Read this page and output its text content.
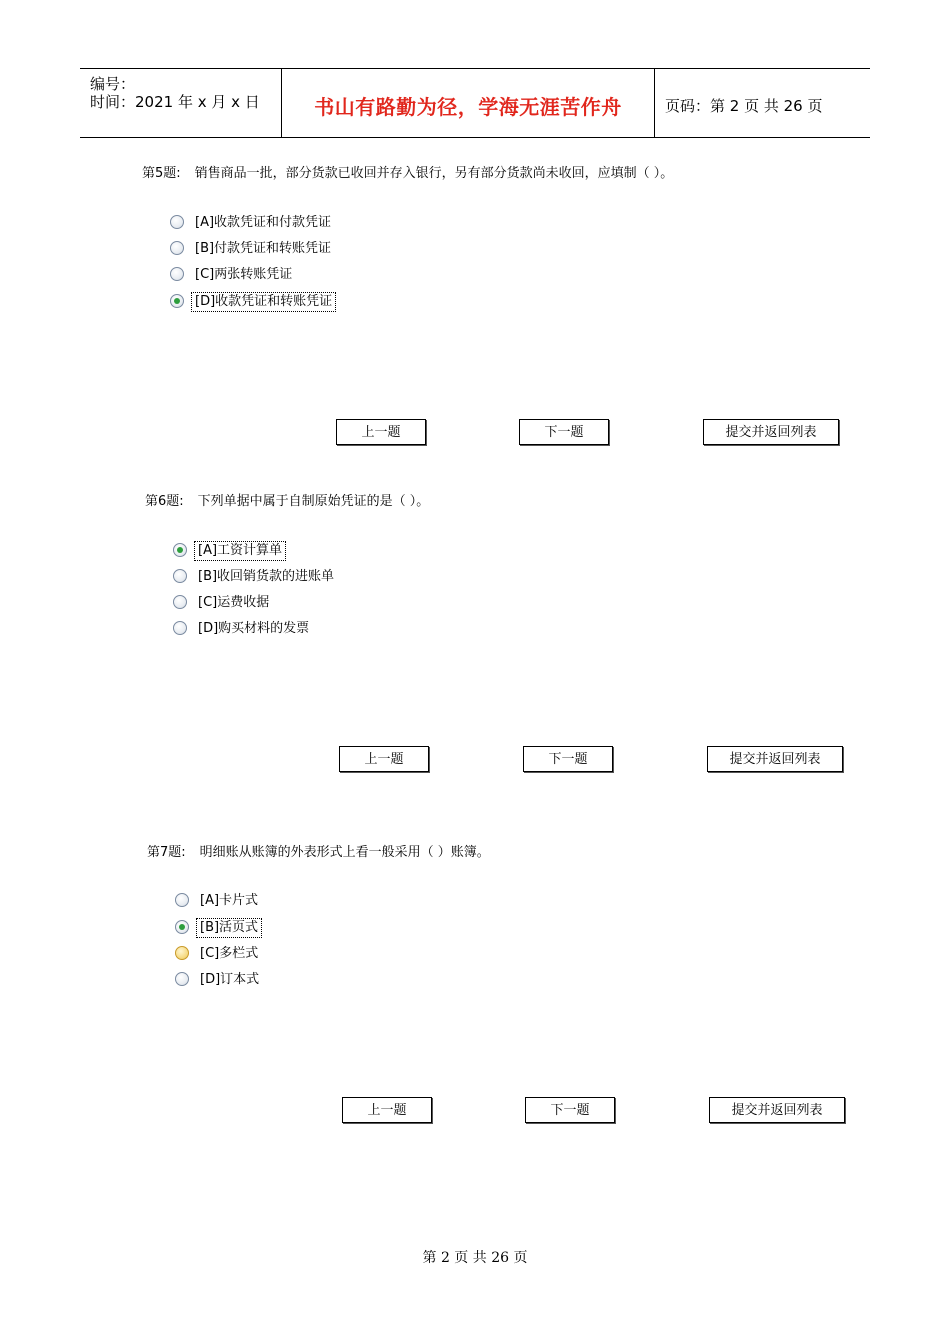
编号：
时间：2021 年 x 月 x 日	书山有路勤为径，学海无涯苦作舟	页码：第 2 页 共 26 页
第5题: 销售商品一批，部分货款已收回并存入银行，另有部分货款尚未收回，应填制（ ）。
[A]收款凭证和付款凭证
[B]付款凭证和转账凭证
[C]两张转账凭证
[D]收款凭证和转账凭证
上一题	下一题	提交并返回列表
第6题: 下列单据中属于自制原始凭证的是（ ）。
[A]工资计算单
[B]收回销货款的进账单
[C]运费收据
[D]购买材料的发票
上一题	下一题	提交并返回列表
第7题: 明细账从账簿的外表形式上看一般采用（ ）账簿。
[A]卡片式
[B]活页式
[C]多栏式
[D]订本式
上一题	下一题	提交并返回列表
第 2 页 共 26 页
